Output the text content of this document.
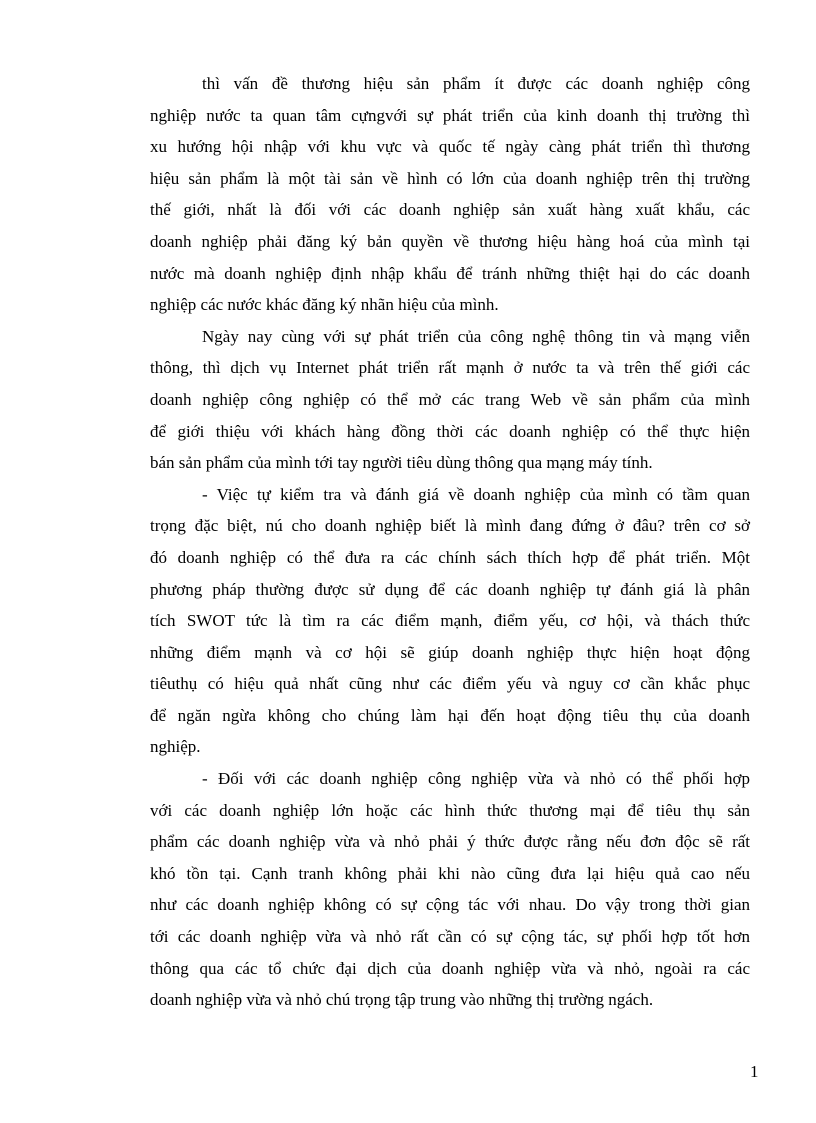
thì vấn đề thương hiệu sản phẩm ít được các doanh nghiệp công
nghiệp nước ta quan tâm cựngvới sự phát triển của kinh doanh thị trường thì
xu hướng hội nhập với khu vực và quốc tế ngày càng phát triển thì thương
hiệu sản phẩm là một tài sản về hình có lớn của doanh nghiệp trên thị trường
thế giới, nhất là đối với các doanh nghiệp sản xuất hàng xuất khẩu, các
doanh nghiệp phải đăng ký bản quyền về thương hiệu hàng hoá của mình tại
nước mà doanh nghiệp định nhập khẩu để tránh những thiệt hại do các doanh
nghiệp các nước khác đăng ký nhãn hiệu của mình.

Ngày nay cùng với sự phát triển của công nghệ thông tin và mạng viễn
thông, thì dịch vụ Internet phát triển rất mạnh ở nước ta và trên thế giới các
doanh nghiệp công nghiệp có thể mở các trang Web về sản phẩm của mình
để giới thiệu với khách hàng đồng thời các doanh nghiệp có thể thực hiện
bán sản phẩm của mình tới tay người tiêu dùng thông qua mạng máy tính.

- Việc tự kiểm tra và đánh giá về doanh nghiệp của mình có tầm quan
trọng đặc biệt, nú cho doanh nghiệp biết là mình đang đứng ở đâu? trên cơ sở
đó doanh nghiệp có thể đưa ra các chính sách thích hợp để phát triển. Một
phương pháp thường được sử dụng để các doanh nghiệp tự đánh giá là phân
tích SWOT tức là tìm ra các điểm mạnh, điểm yếu, cơ hội, và thách thức
những điểm mạnh và cơ hội sẽ giúp doanh nghiệp thực hiện hoạt động
tiêuthụ có hiệu quả nhất cũng như các điểm yếu và nguy cơ cần khắc phục
để ngăn ngừa không cho chúng làm hại đến hoạt động tiêu thụ của doanh
nghiệp.

- Đối với các doanh nghiệp công nghiệp vừa và nhỏ có thể phối hợp
với các doanh nghiệp lớn hoặc các hình thức thương mại để tiêu thụ sản
phẩm các doanh nghiệp vừa và nhỏ phải ý thức được rằng nếu đơn độc sẽ rất
khó tồn tại. Cạnh tranh không phải khi nào cũng đưa lại hiệu quả cao nếu
như các doanh nghiệp không có sự cộng tác với nhau. Do vậy trong thời gian
tới các doanh nghiệp vừa và nhỏ rất cần có sự cộng tác, sự phối hợp tốt hơn
thông qua các tổ chức đại dịch của doanh nghiệp vừa và nhỏ, ngoài ra các
doanh nghiệp vừa và nhỏ chú trọng tập trung vào những thị trường ngách.

1
